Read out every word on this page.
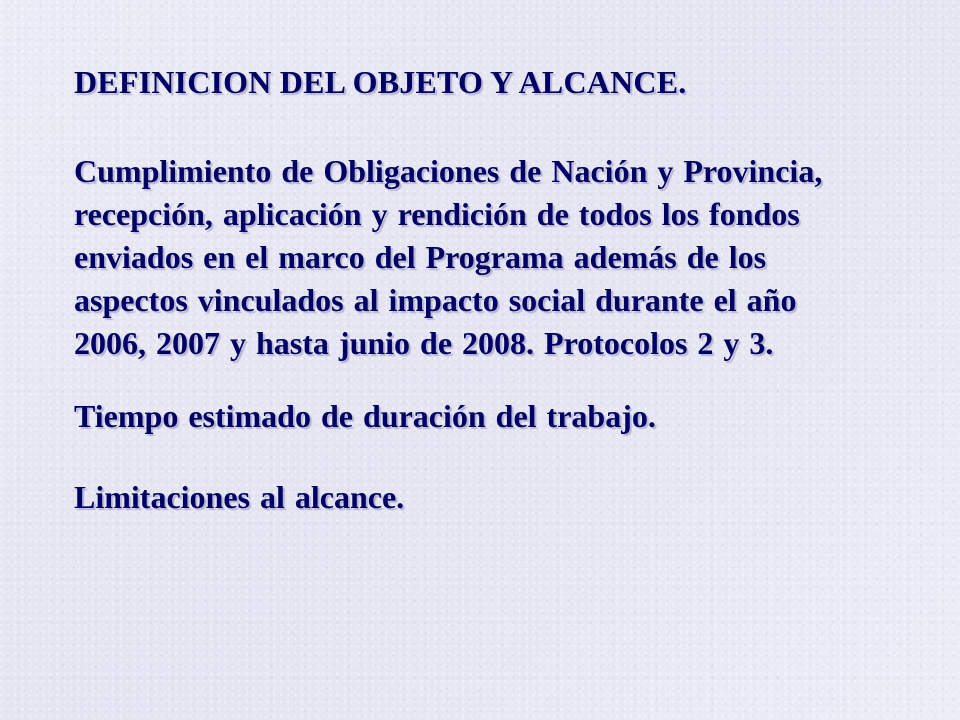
DEFINICION DEL OBJETO Y ALCANCE.
Cumplimiento de Obligaciones de Nación y Provincia,
recepción, aplicación y rendición de todos los fondos
enviados en el marco del Programa además de los
aspectos vinculados al impacto social durante el año
2006, 2007 y hasta junio de 2008. Protocolos 2 y 3.
Tiempo estimado de duración del trabajo.
Limitaciones al alcance.
